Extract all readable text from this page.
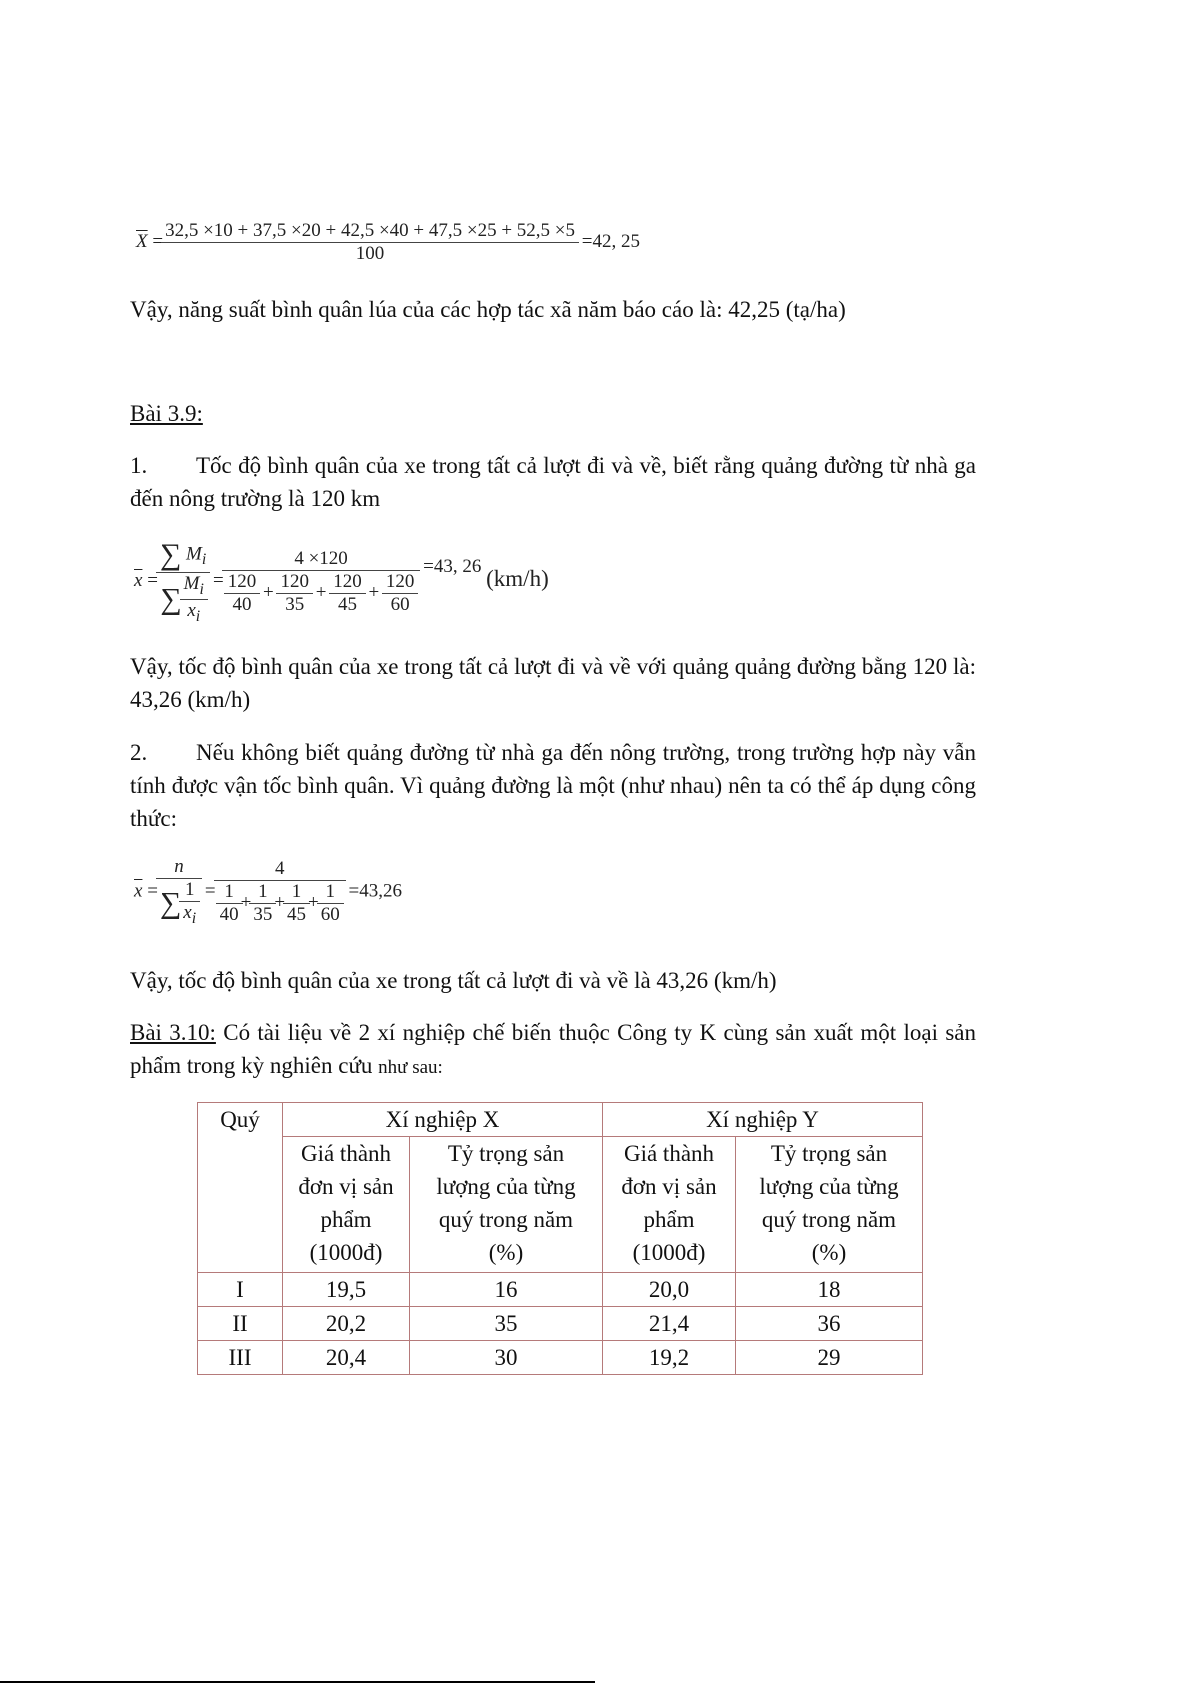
$\overline{X} = \frac{32,5 \times 10 + 37,5 \times 20 + 42,5 \times 40 + 47,5 \times 25 + 52,5 \times 5}{100} =42$, 25
Vậy, năng suất bình quân lúa của các hợp tác xã năm báo cáo là: 42,25 (tạ/ha)
Bài 3.9:
1. Tốc độ bình quân của xe trong tất cả lượt đi và về, biết rằng quảng đường từ nhà ga đến nông trường là 120 km
$\overline{x} = \frac{\sum M_i}{\sum \frac{M_i}{x_i}} = \frac{4 \times 120}{\frac{120}{40} + \frac{120}{35} + \frac{120}{45} + \frac{120}{60}} =43$, 26 (km/h)
Vậy, tốc độ bình quân của xe trong tất cả lượt đi và về với quảng quảng đường bằng 120 là: 43,26 (km/h)
2. Nếu không biết quảng đường từ nhà ga đến nông trường, trong trường hợp này vẫn tính được vận tốc bình quân. Vì quảng đường là một (như nhau) nên ta có thể áp dụng công thức:
$\overline{x} = \frac{n}{\sum \frac{1}{x_i}} = \frac{4}{\frac{1}{40} + \frac{1}{35} + \frac{1}{45} + \frac{1}{60}} =43,26$
Vậy, tốc độ bình quân của xe trong tất cả lượt đi và về là 43,26 (km/h)
Bài 3.10: Có tài liệu về 2 xí nghiệp chế biến thuộc Công ty K cùng sản xuất một loại sản phẩm trong kỳ nghiên cứu như sau:
Quý	Xí nghiệp X		Xí nghiệp Y	
	Giá thành đơn vị sản phẩm (1000đ)	Tỷ trọng sản lượng của từng quý trong năm (%)	Giá thành đơn vị sản phẩm (1000đ)	Tỷ trọng sản lượng của từng quý trong năm (%)
I	19,5	16	20,0	18
II	20,2	35	21,4	36
III	20,4	30	19,2	29
